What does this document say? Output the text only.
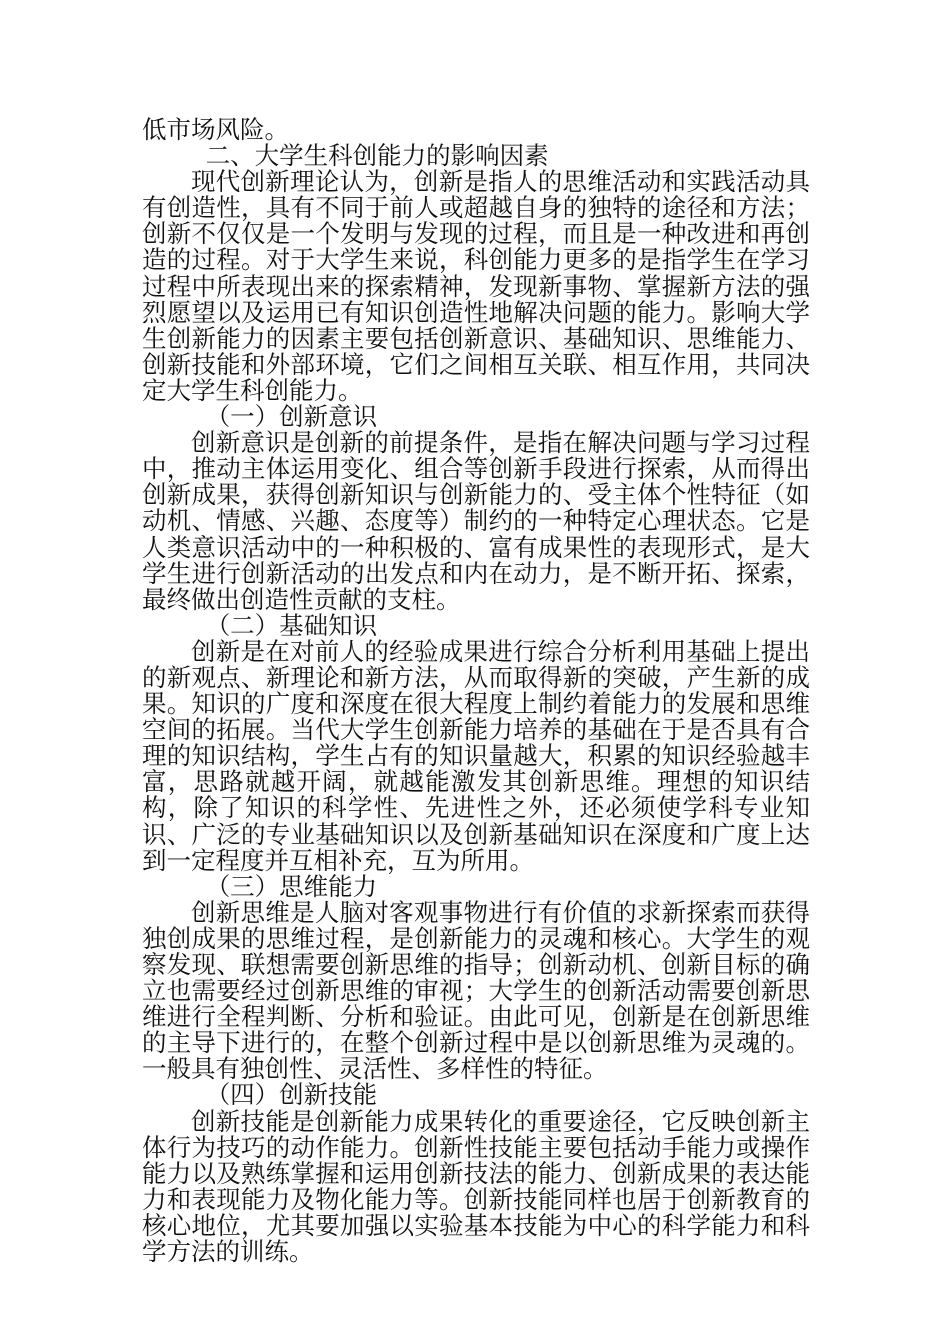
低市场风险。

二、大学生科创能力的影响因素

现代创新理论认为，创新是指人的思维活动和实践活动具有创造性，具有不同于前人或超越自身的独特的途径和方法；创新不仅仅是一个发明与发现的过程，而且是一种改进和再创造的过程。对于大学生来说，科创能力更多的是指学生在学习过程中所表现出来的探索精神，发现新事物、掌握新方法的强烈愿望以及运用已有知识创造性地解决问题的能力。影响大学生创新能力的因素主要包括创新意识、基础知识、思维能力、创新技能和外部环境，它们之间相互关联、相互作用，共同决定大学生科创能力。

（一）创新意识

创新意识是创新的前提条件，是指在解决问题与学习过程中，推动主体运用变化、组合等创新手段进行探索，从而得出创新成果，获得创新知识与创新能力的、受主体个性特征（如动机、情感、兴趣、态度等）制约的一种特定心理状态。它是人类意识活动中的一种积极的、富有成果性的表现形式，是大学生进行创新活动的出发点和内在动力，是不断开拓、探索，最终做出创造性贡献的支柱。

（二）基础知识

创新是在对前人的经验成果进行综合分析利用基础上提出的新观点、新理论和新方法，从而取得新的突破，产生新的成果。知识的广度和深度在很大程度上制约着能力的发展和思维空间的拓展。当代大学生创新能力培养的基础在于是否具有合理的知识结构，学生占有的知识量越大，积累的知识经验越丰富，思路就越开阔，就越能激发其创新思维。理想的知识结构，除了知识的科学性、先进性之外，还必须使学科专业知识、广泛的专业基础知识以及创新基础知识在深度和广度上达到一定程度并互相补充，互为所用。

（三）思维能力

创新思维是人脑对客观事物进行有价值的求新探索而获得独创成果的思维过程，是创新能力的灵魂和核心。大学生的观察发现、联想需要创新思维的指导；创新动机、创新目标的确立也需要经过创新思维的审视；大学生的创新活动需要创新思维进行全程判断、分析和验证。由此可见，创新是在创新思维的主导下进行的，在整个创新过程中是以创新思维为灵魂的。一般具有独创性、灵活性、多样性的特征。

（四）创新技能

创新技能是创新能力成果转化的重要途径，它反映创新主体行为技巧的动作能力。创新性技能主要包括动手能力或操作能力以及熟练掌握和运用创新技法的能力、创新成果的表达能力和表现能力及物化能力等。创新技能同样也居于创新教育的核心地位，尤其要加强以实验基本技能为中心的科学能力和科学方法的训练。
